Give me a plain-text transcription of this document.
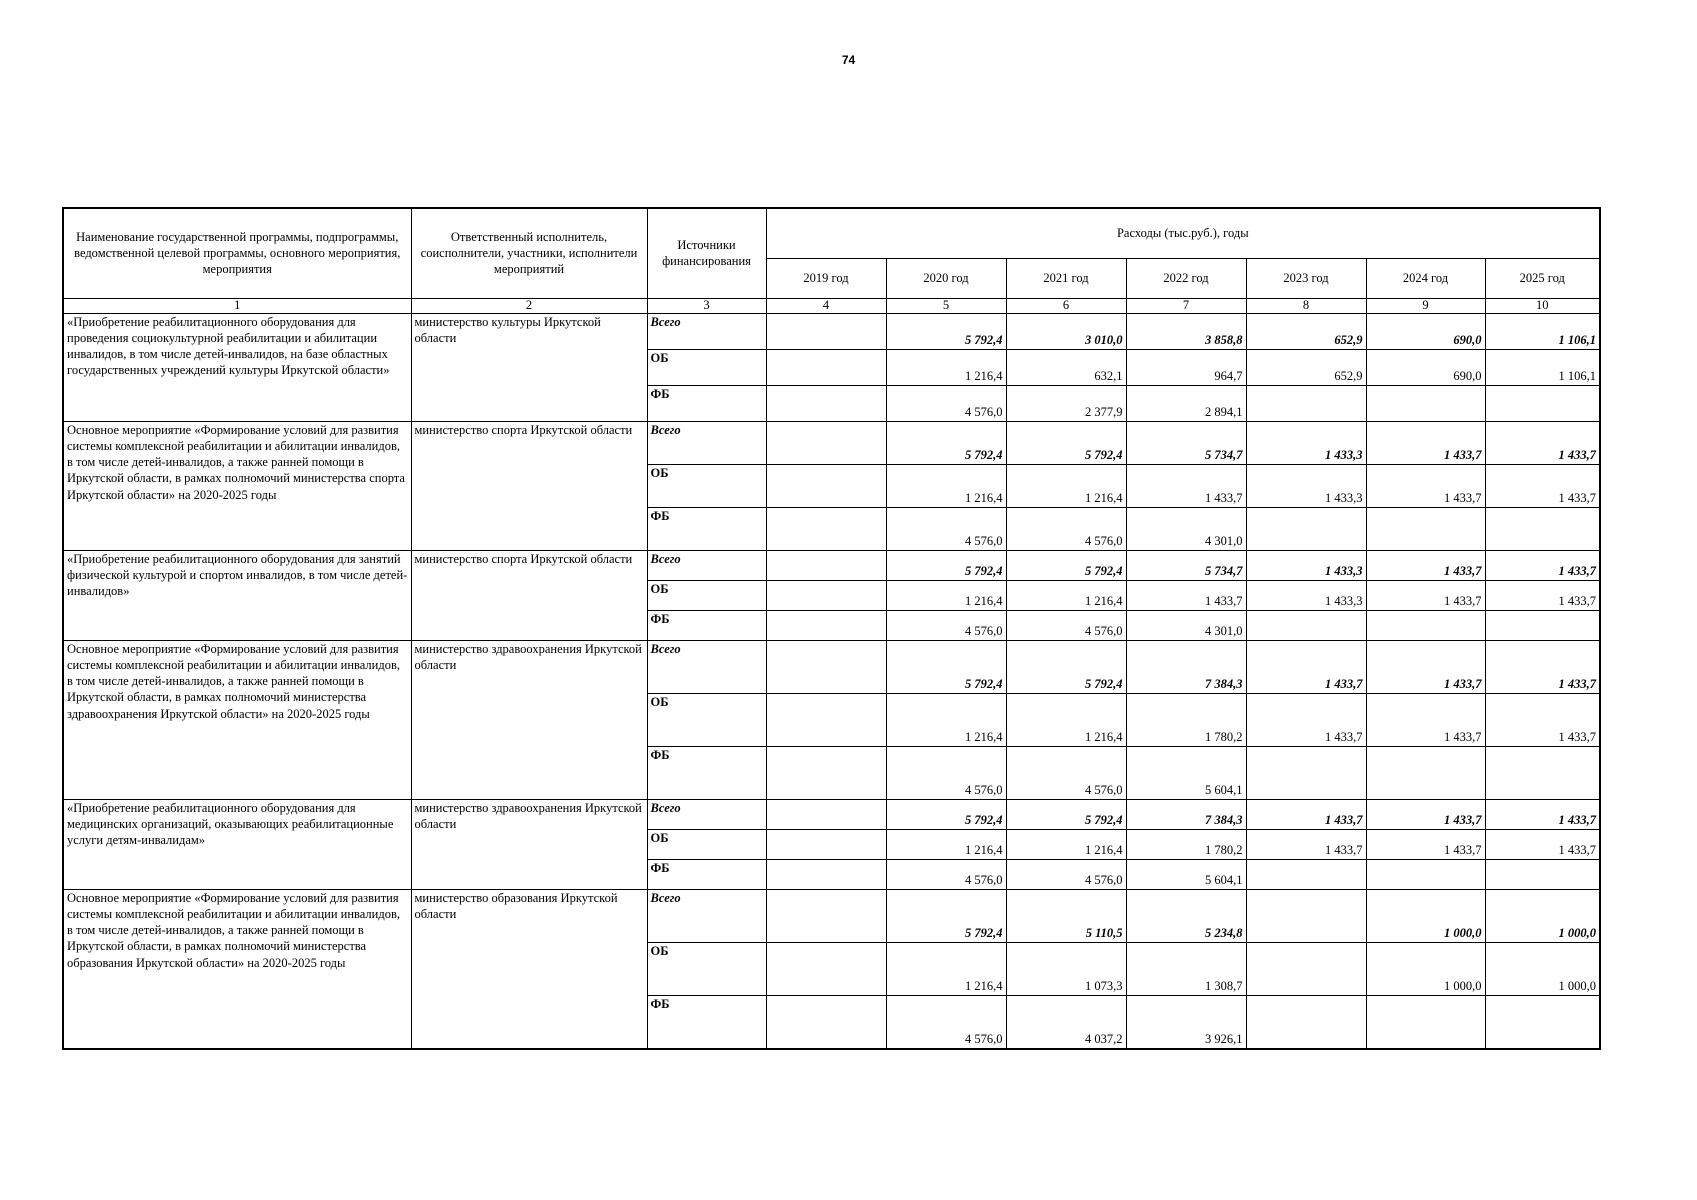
74
Наименование государственной программы, подпрограммы, ведомственной целевой программы, основного мероприятия, мероприятия	Ответственный исполнитель, соисполнители, участники, исполнители мероприятий	Источники финансирования	Расходы (тыс.руб.), годы						
			2019 год	2020 год	2021 год	2022 год	2023 год	2024 год	2025 год
1	2	3	4	5	6	7	8	9	10
«Приобретение реабилитационного оборудования для проведения социокультурной реабилитации и абилитации инвалидов, в том числе детей-инвалидов, на базе областных государственных учреждений культуры Иркутской области»	министерство культуры Иркутской области	Всего		5 792,4	3 010,0	3 858,8	652,9	690,0	1 106,1
		ОБ		1 216,4	632,1	964,7	652,9	690,0	1 106,1
		ФБ		4 576,0	2 377,9	2 894,1			
Основное мероприятие «Формирование условий для развития системы комплексной реабилитации и абилитации инвалидов, в том числе детей-инвалидов, а также ранней помощи в Иркутской области, в рамках полномочий министерства спорта Иркутской области» на 2020-2025 годы	министерство спорта Иркутской области	Всего		5 792,4	5 792,4	5 734,7	1 433,3	1 433,7	1 433,7
		ОБ		1 216,4	1 216,4	1 433,7	1 433,3	1 433,7	1 433,7
		ФБ		4 576,0	4 576,0	4 301,0			
«Приобретение реабилитационного оборудования для занятий физической культурой и спортом инвалидов, в том числе детей-инвалидов»	министерство спорта Иркутской области	Всего		5 792,4	5 792,4	5 734,7	1 433,3	1 433,7	1 433,7
		ОБ		1 216,4	1 216,4	1 433,7	1 433,3	1 433,7	1 433,7
		ФБ		4 576,0	4 576,0	4 301,0			
Основное мероприятие «Формирование условий для развития системы комплексной реабилитации и абилитации инвалидов, в том числе детей-инвалидов, а также ранней помощи в Иркутской области, в рамках полномочий министерства здравоохранения Иркутской области» на 2020-2025 годы	министерство здравоохранения Иркутской области	Всего		5 792,4	5 792,4	7 384,3	1 433,7	1 433,7	1 433,7
		ОБ		1 216,4	1 216,4	1 780,2	1 433,7	1 433,7	1 433,7
		ФБ		4 576,0	4 576,0	5 604,1			
«Приобретение реабилитационного оборудования для медицинских организаций, оказывающих реабилитационные услуги детям-инвалидам»	министерство здравоохранения Иркутской области	Всего		5 792,4	5 792,4	7 384,3	1 433,7	1 433,7	1 433,7
		ОБ		1 216,4	1 216,4	1 780,2	1 433,7	1 433,7	1 433,7
		ФБ		4 576,0	4 576,0	5 604,1			
Основное мероприятие «Формирование условий для развития системы комплексной реабилитации и абилитации инвалидов, в том числе детей-инвалидов, а также ранней помощи в Иркутской области, в рамках полномочий министерства образования Иркутской области» на 2020-2025 годы	министерство образования Иркутской области	Всего		5 792,4	5 110,5	5 234,8		1 000,0	1 000,0
		ОБ		1 216,4	1 073,3	1 308,7		1 000,0	1 000,0
		ФБ		4 576,0	4 037,2	3 926,1			
